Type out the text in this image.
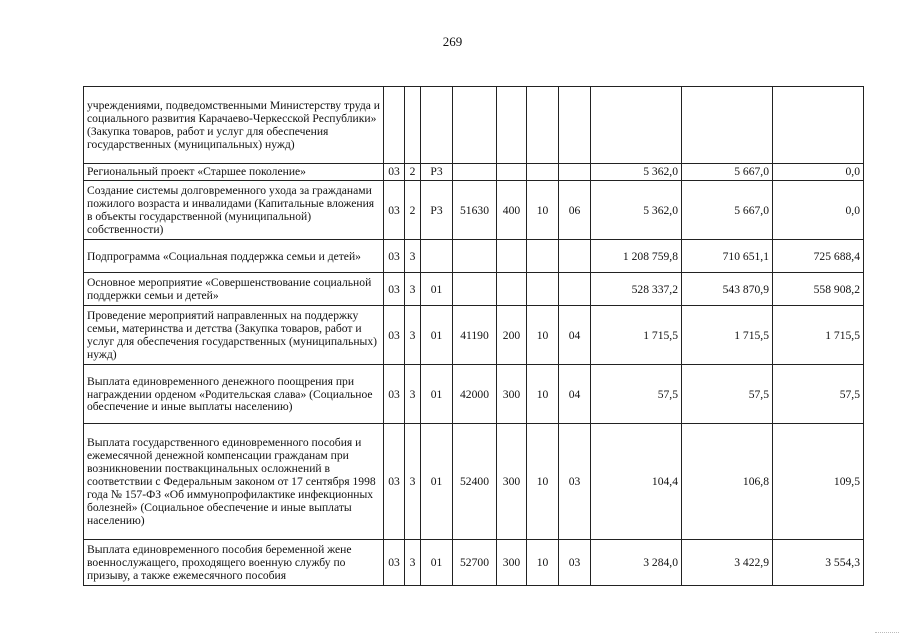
269
учреждениями, подведомственными Министерству труда и социального развития Карачаево-Черкесской Республики» (Закупка товаров, работ и услуг для обеспечения государственных (муниципальных) нужд)										
Региональный проект «Старшее поколение»	03	2	Р3					5 362,0	5 667,0	0,0
Создание системы долговременного ухода за гражданами пожилого возраста и инвалидами (Капитальные вложения в объекты государственной (муниципальной) собственности)	03	2	Р3	51630	400	10	06	5 362,0	5 667,0	0,0
Подпрограмма «Социальная поддержка семьи и детей»	03	3						1 208 759,8	710 651,1	725 688,4
Основное мероприятие «Совершенствование социальной поддержки семьи и детей»	03	3	01					528 337,2	543 870,9	558 908,2
Проведение мероприятий направленных на поддержку семьи, материнства и детства (Закупка товаров, работ и услуг для обеспечения государственных (муниципальных) нужд)	03	3	01	41190	200	10	04	1 715,5	1 715,5	1 715,5
Выплата единовременного денежного поощрения при награждении орденом «Родительская слава» (Социальное обеспечение и иные выплаты населению)	03	3	01	42000	300	10	04	57,5	57,5	57,5
Выплата государственного единовременного пособия и ежемесячной денежной компенсации гражданам при возникновении поствакцинальных осложнений в соответствии с Федеральным законом от 17 сентября 1998 года № 157-ФЗ «Об иммунопрофилактике инфекционных болезней» (Социальное обеспечение и иные выплаты населению)	03	3	01	52400	300	10	03	104,4	106,8	109,5
Выплата единовременного пособия беременной жене военнослужащего, проходящего военную службу по призыву, а также ежемесячного пособия	03	3	01	52700	300	10	03	3 284,0	3 422,9	3 554,3
